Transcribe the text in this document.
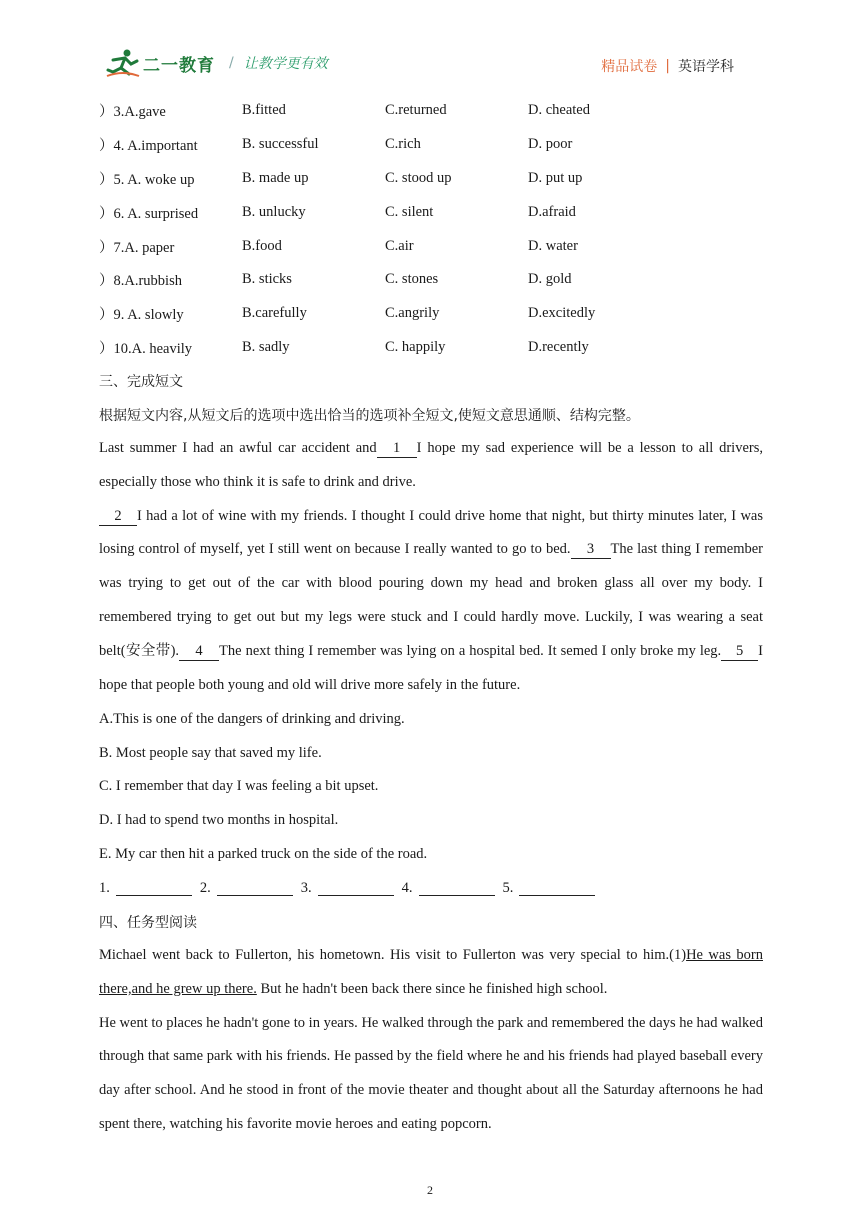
二一教育 / 让教学更有效	精品试卷 | 英语学科
）3.A.gave	B.fitted	C.returned	D. cheated
）4. A.important	B. successful	C.rich	D. poor
）5. A. woke up	B. made up	C. stood up	D. put up
）6. A. surprised	B. unlucky	C. silent	D.afraid
）7.A. paper	B.food	C.air	D. water
）8.A.rubbish	B. sticks	C. stones	D. gold
）9. A. slowly	B.carefully	C.angrily	D.excitedly
）10.A. heavily	B. sadly	C. happily	D.recently
三、完成短文
根据短文内容,从短文后的选项中选出恰当的选项补全短文,使短文意思通顺、结构完整。
Last summer I had an awful car accident and 1 I hope my sad experience will be a lesson to all drivers, especially those who think it is safe to drink and drive.
2 I had a lot of wine with my friends. I thought I could drive home that night, but thirty minutes later, I was losing control of myself, yet I still went on because I really wanted to go to bed. 3 The last thing I remember was trying to get out of the car with blood pouring down my head and broken glass all over my body. I remembered trying to get out but my legs were stuck and I could hardly move. Luckily, I was wearing a seat belt(安全带). 4 The next thing I remember was lying on a hospital bed. It semed I only broke my leg. 5 I hope that people both young and old will drive more safely in the future.
A.This is one of the dangers of drinking and driving.
B. Most people say that saved my life.
C. I remember that day I was feeling a bit upset.
D. I had to spend two months in hospital.
E. My car then hit a parked truck on the side of the road.
1.	2.	3.	4.	5.
四、任务型阅读
Michael went back to Fullerton, his hometown. His visit to Fullerton was very special to him.(1)He was born there,and he grew up there. But he hadn't been back there since he finished high school.
He went to places he hadn't gone to in years. He walked through the park and remembered the days he had walked through that same park with his friends. He passed by the field where he and his friends had played baseball every day after school. And he stood in front of the movie theater and thought about all the Saturday afternoons he had spent there, watching his favorite movie heroes and eating popcorn.
2
